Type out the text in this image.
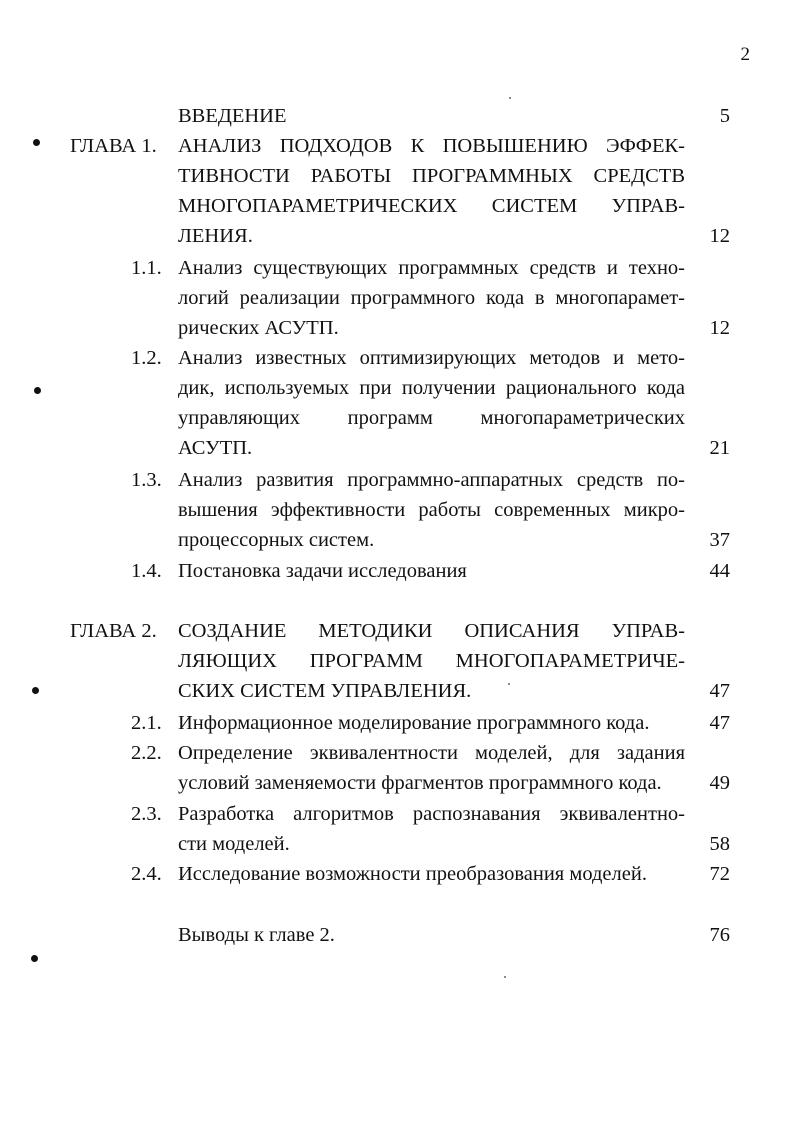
2
ВВЕДЕНИЕ	5
ГЛАВА 1. АНАЛИЗ ПОДХОДОВ К ПОВЫШЕНИЮ ЭФФЕК-
ТИВНОСТИ РАБОТЫ ПРОГРАММНЫХ СРЕДСТВ
МНОГОПАРАМЕТРИЧЕСКИХ СИСТЕМ УПРАВ-
ЛЕНИЯ.	12
1.1. Анализ существующих программных средств и техно-
логий реализации программного кода в многопарамет-
рических АСУТП.	12
1.2. Анализ известных оптимизирующих методов и мето-
дик, используемых при получении рационального кода
управляющих программ многопараметрических
АСУТП.	21
1.3. Анализ развития программно-аппаратных средств по-
вышения эффективности работы современных микро-
процессорных систем.	37
1.4. Постановка задачи исследования	44
ГЛАВА 2. СОЗДАНИЕ МЕТОДИКИ ОПИСАНИЯ УПРАВ-
ЛЯЮЩИХ ПРОГРАММ МНОГОПАРАМЕТРИЧЕ-
СКИХ СИСТЕМ УПРАВЛЕНИЯ.	47
2.1. Информационное моделирование программного кода.	47
2.2. Определение эквивалентности моделей, для задания
условий заменяемости фрагментов программного кода. 49
2.3. Разработка алгоритмов распознавания эквивалентно-
сти моделей.	58
2.4. Исследование возможности преобразования моделей.	72
Выводы к главе 2.	76
